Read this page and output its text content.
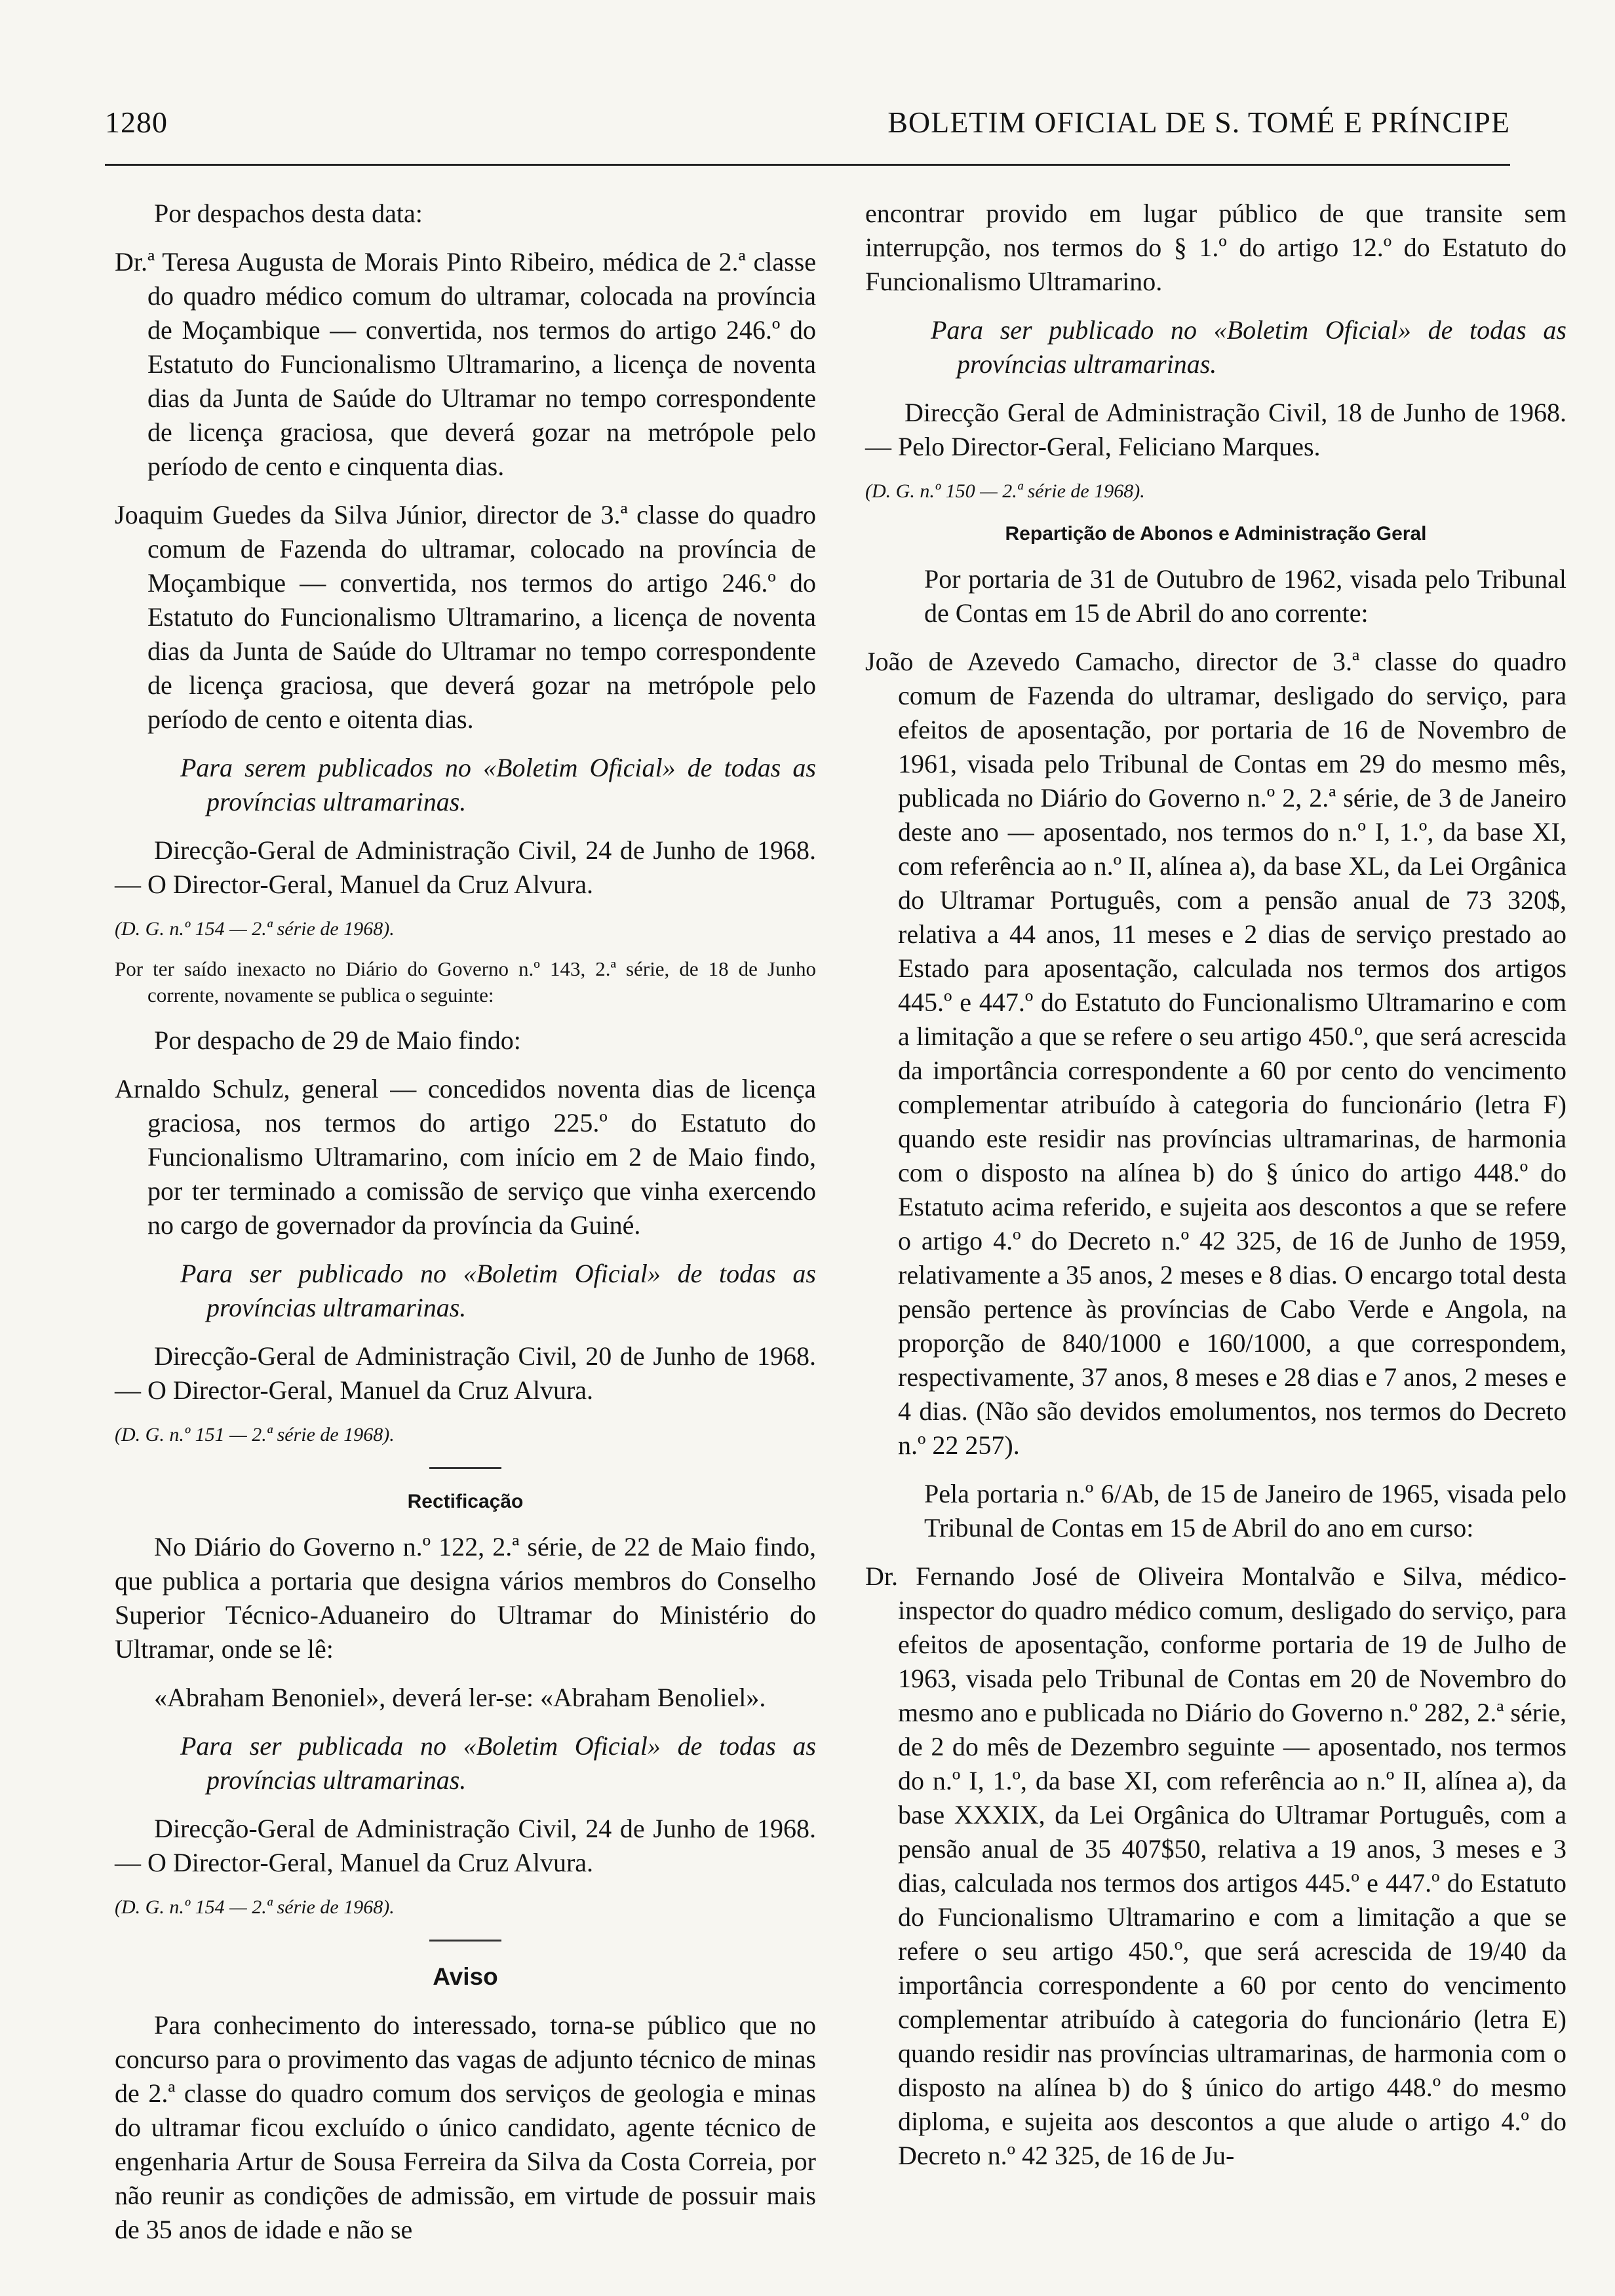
1280	BOLETIM OFICIAL DE S. TOMÉ E PRÍNCIPE

Por despachos desta data:

Dr.ª Teresa Augusta de Morais Pinto Ribeiro, médica de 2.ª classe do quadro médico comum do ultramar, colocada na província de Moçambique — convertida, nos termos do artigo 246.º do Estatuto do Funcionalismo Ultramarino, a licença de noventa dias da Junta de Saúde do Ultramar no tempo correspondente de licença graciosa, que deverá gozar na metrópole pelo período de cento e cinquenta dias.

Joaquim Guedes da Silva Júnior, director de 3.ª classe do quadro comum de Fazenda do ultramar, colocado na província de Moçambique — convertida, nos termos do artigo 246.º do Estatuto do Funcionalismo Ultramarino, a licença de noventa dias da Junta de Saúde do Ultramar no tempo correspondente de licença graciosa, que deverá gozar na metrópole pelo período de cento e oitenta dias.

Para serem publicados no «Boletim Oficial» de todas as províncias ultramarinas.

Direcção-Geral de Administração Civil, 24 de Junho de 1968. — O Director-Geral, Manuel da Cruz Alvura.

(D. G. n.º 154 — 2.ª série de 1968).

Por ter saído inexacto no Diário do Governo n.º 143, 2.ª série, de 18 de Junho corrente, novamente se publica o seguinte:

Por despacho de 29 de Maio findo:

Arnaldo Schulz, general — concedidos noventa dias de licença graciosa, nos termos do artigo 225.º do Estatuto do Funcionalismo Ultramarino, com início em 2 de Maio findo, por ter terminado a comissão de serviço que vinha exercendo no cargo de governador da província da Guiné.

Para ser publicado no «Boletim Oficial» de todas as províncias ultramarinas.

Direcção-Geral de Administração Civil, 20 de Junho de 1968. — O Director-Geral, Manuel da Cruz Alvura.

(D. G. n.º 151 — 2.ª série de 1968).

Rectificação

No Diário do Governo n.º 122, 2.ª série, de 22 de Maio findo, que publica a portaria que designa vários membros do Conselho Superior Técnico-Aduaneiro do Ultramar do Ministério do Ultramar, onde se lê:

«Abraham Benoniel», deverá ler-se: «Abraham Benoliel».

Para ser publicada no «Boletim Oficial» de todas as províncias ultramarinas.

Direcção-Geral de Administração Civil, 24 de Junho de 1968. — O Director-Geral, Manuel da Cruz Alvura.

(D. G. n.º 154 — 2.ª série de 1968).

Aviso

Para conhecimento do interessado, torna-se público que no concurso para o provimento das vagas de adjunto técnico de minas de 2.ª classe do quadro comum dos serviços de geologia e minas do ultramar ficou excluído o único candidato, agente técnico de engenharia Artur de Sousa Ferreira da Silva da Costa Correia, por não reunir as condições de admissão, em virtude de possuir mais de 35 anos de idade e não se

encontrar provido em lugar público de que transite sem interrupção, nos termos do § 1.º do artigo 12.º do Estatuto do Funcionalismo Ultramarino.

Para ser publicado no «Boletim Oficial» de todas as províncias ultramarinas.

Direcção Geral de Administração Civil, 18 de Junho de 1968. — Pelo Director-Geral, Feliciano Marques.

(D. G. n.º 150 — 2.ª série de 1968).

Repartição de Abonos e Administração Geral

Por portaria de 31 de Outubro de 1962, visada pelo Tribunal de Contas em 15 de Abril do ano corrente:

João de Azevedo Camacho, director de 3.ª classe do quadro comum de Fazenda do ultramar, desligado do serviço, para efeitos de aposentação, por portaria de 16 de Novembro de 1961, visada pelo Tribunal de Contas em 29 do mesmo mês, publicada no Diário do Governo n.º 2, 2.ª série, de 3 de Janeiro deste ano — aposentado, nos termos do n.º I, 1.º, da base XI, com referência ao n.º II, alínea a), da base XL, da Lei Orgânica do Ultramar Português, com a pensão anual de 73 320$, relativa a 44 anos, 11 meses e 2 dias de serviço prestado ao Estado para aposentação, calculada nos termos dos artigos 445.º e 447.º do Estatuto do Funcionalismo Ultramarino e com a limitação a que se refere o seu artigo 450.º, que será acrescida da importância correspondente a 60 por cento do vencimento complementar atribuído à categoria do funcionário (letra F) quando este residir nas províncias ultramarinas, de harmonia com o disposto na alínea b) do § único do artigo 448.º do Estatuto acima referido, e sujeita aos descontos a que se refere o artigo 4.º do Decreto n.º 42 325, de 16 de Junho de 1959, relativamente a 35 anos, 2 meses e 8 dias. O encargo total desta pensão pertence às províncias de Cabo Verde e Angola, na proporção de 840/1000 e 160/1000, a que correspondem, respectivamente, 37 anos, 8 meses e 28 dias e 7 anos, 2 meses e 4 dias. (Não são devidos emolumentos, nos termos do Decreto n.º 22 257).

Pela portaria n.º 6/Ab, de 15 de Janeiro de 1965, visada pelo Tribunal de Contas em 15 de Abril do ano em curso:

Dr. Fernando José de Oliveira Montalvão e Silva, médico-inspector do quadro médico comum, desligado do serviço, para efeitos de aposentação, conforme portaria de 19 de Julho de 1963, visada pelo Tribunal de Contas em 20 de Novembro do mesmo ano e publicada no Diário do Governo n.º 282, 2.ª série, de 2 do mês de Dezembro seguinte — aposentado, nos termos do n.º I, 1.º, da base XI, com referência ao n.º II, alínea a), da base XXXIX, da Lei Orgânica do Ultramar Português, com a pensão anual de 35 407$50, relativa a 19 anos, 3 meses e 3 dias, calculada nos termos dos artigos 445.º e 447.º do Estatuto do Funcionalismo Ultramarino e com a limitação a que se refere o seu artigo 450.º, que será acrescida de 19/40 da importância correspondente a 60 por cento do vencimento complementar atribuído à categoria do funcionário (letra E) quando residir nas províncias ultramarinas, de harmonia com o disposto na alínea b) do § único do artigo 448.º do mesmo diploma, e sujeita aos descontos a que alude o artigo 4.º do Decreto n.º 42 325, de 16 de Ju-
